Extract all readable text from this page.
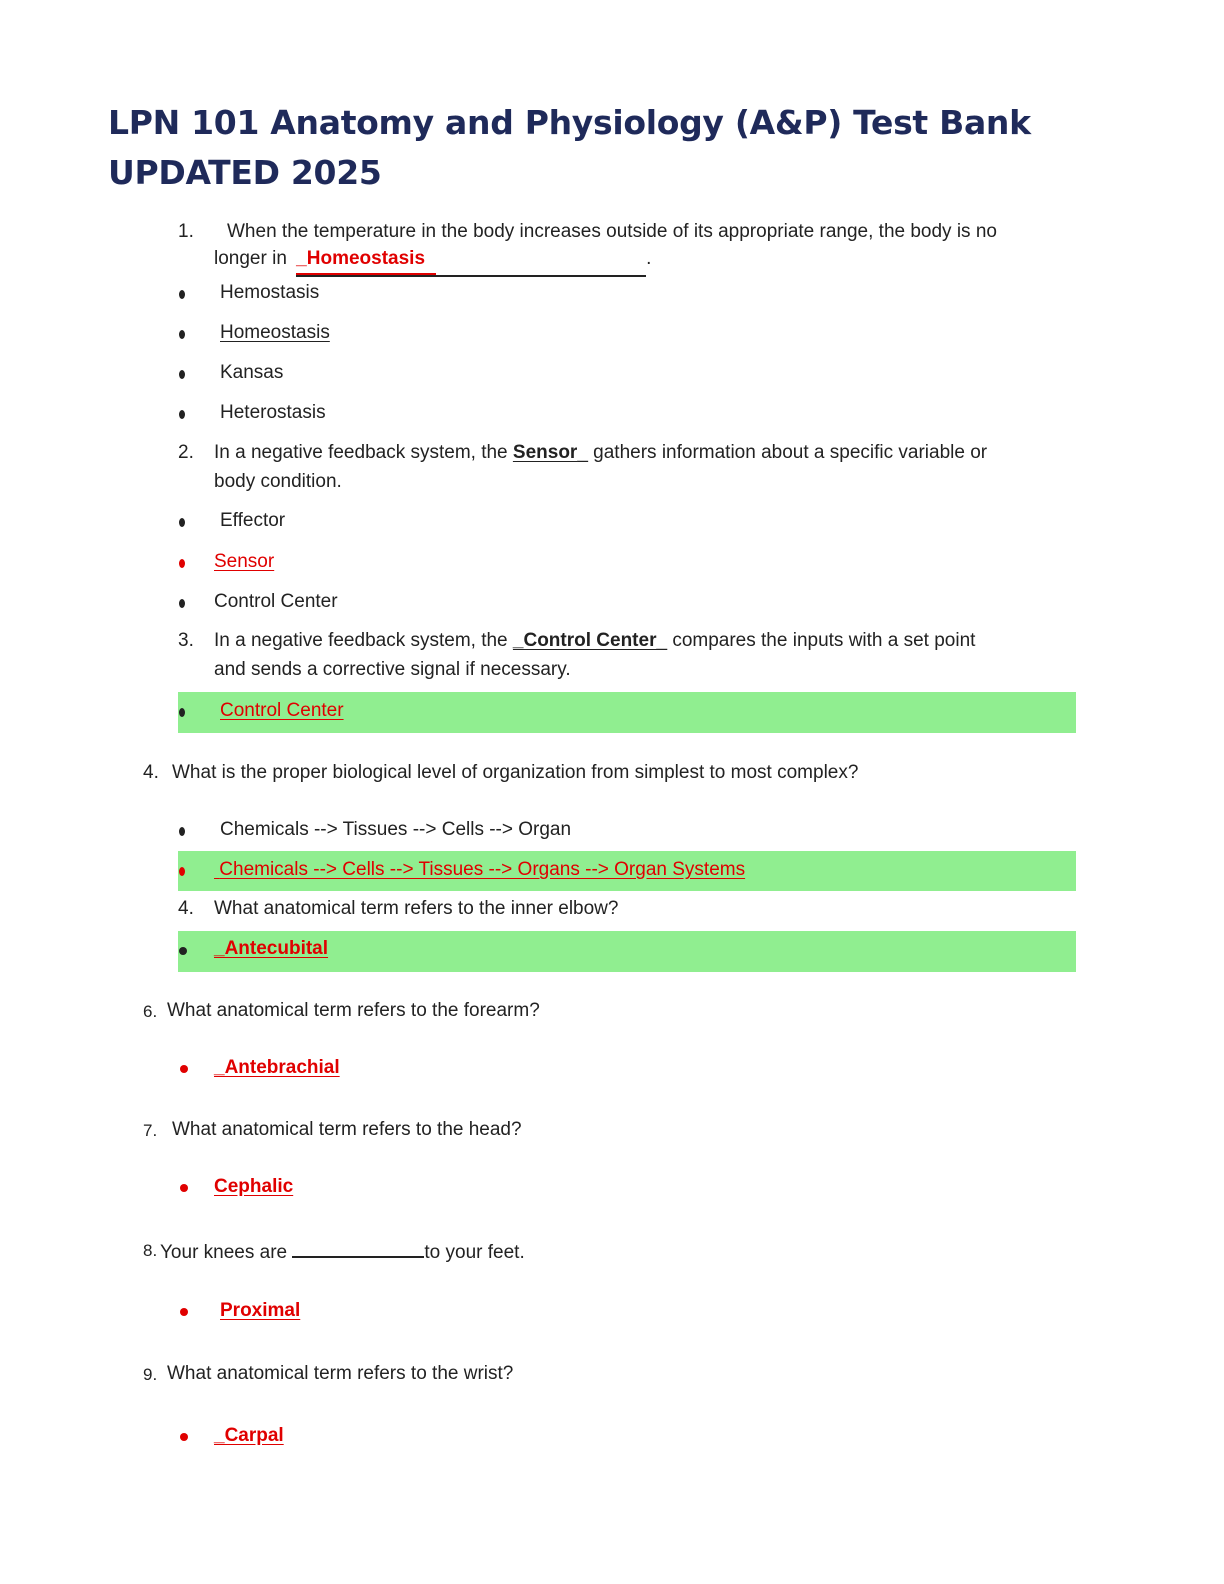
LPN 101 Anatomy and Physiology (A&P) Test Bank
UPDATED 2025
1. When the temperature in the body increases outside of its appropriate range, the body is no
longer in _Homeostasis	.
Hemostasis
Homeostasis
Kansas
Heterostasis
2. In a negative feedback system, the Sensor_ gathers information about a specific variable or
body condition.
Effector
Sensor
Control Center
3. In a negative feedback system, the _Control Center_ compares the inputs with a set point
and sends a corrective signal if necessary.
Control Center
4. What is the proper biological level of organization from simplest to most complex?
Chemicals --> Tissues --> Cells --> Organ
Chemicals --> Cells --> Tissues --> Organs --> Organ Systems
4. What anatomical term refers to the inner elbow?
_Antecubital
6. What anatomical term refers to the forearm?
_Antebrachial
7. What anatomical term refers to the head?
Cephalic
8. Your knees are	to your feet.
Proximal
9. What anatomical term refers to the wrist?
_Carpal
